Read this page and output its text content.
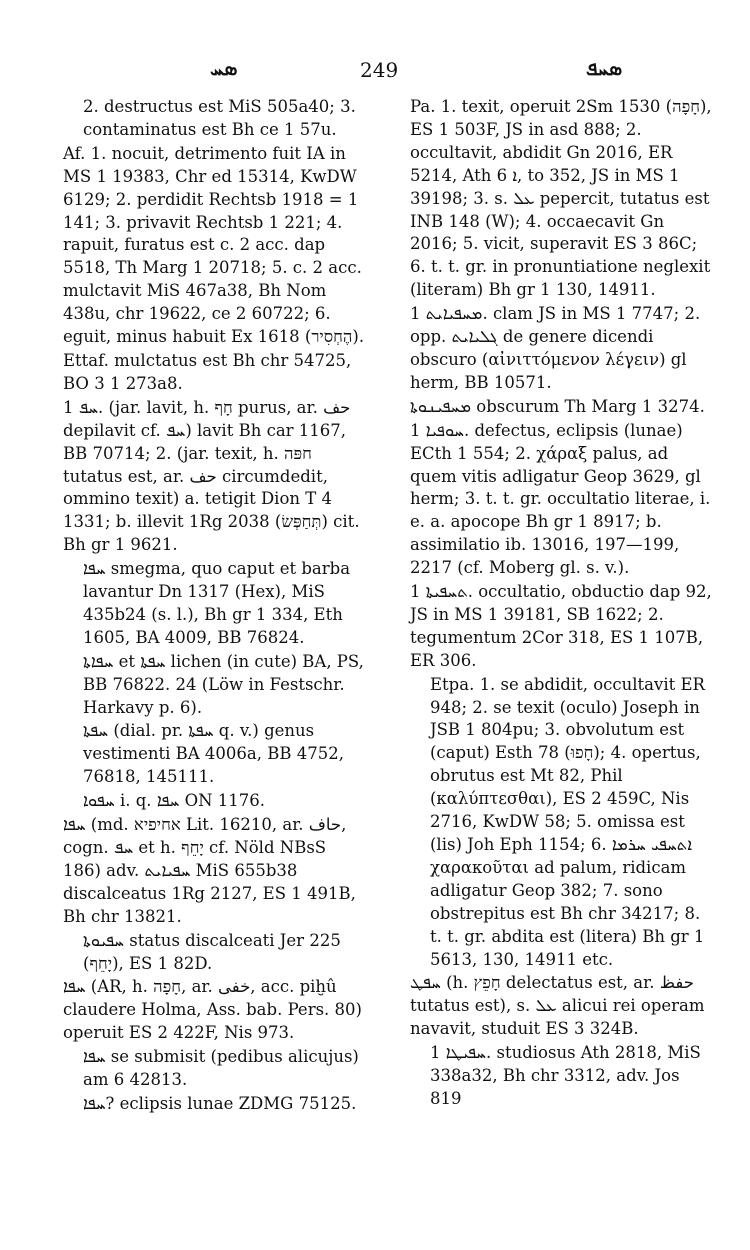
ܣܚ	249	ܣܚܦ

2. destructus est MiS 505a40; 3. contaminatus est Bh ce 1 57u.

Af. 1. nocuit, detrimento fuit IA in MS 1 19383, Chr ed 15314, KwDW 6129; 2. perdidit Rechtsb 1918 = 1 141; 3. privavit Rechtsb 1 221; 4. rapuit, furatus est c. 2 acc. dap 5518, Th Marg 1 20718; 5. c. 2 acc. mulctavit MiS 467a38, Bh Nom 438u, chr 19622, ce 2 60722; 6. eguit, minus habuit Ex 1618 (הֶחְסִיר).

Ettaf. mulctatus est Bh chr 54725, BO 3 1 273a8.

ܚܦ 1. (jar. lavit, h. חָף purus, ar. حف depilavit cf. ܚܦ) lavit Bh car 1167, BB 70714; 2. (jar. texit, h. חפּה tutatus est, ar. حف circumdedit, ommino texit) a. tetigit Dion T 4 1331; b. illevit 1Rg 2038 (תְּחַפְּשׂ) cit. Bh gr 1 9621.

ܚܦܐ smegma, quo caput et barba lavantur Dn 1317 (Hex), MiS 435b24 (s. l.), Bh gr 1 334, Eth 1605, BA 4009, BB 76824.

ܚܦܐܬܐ et ܚܦܬܐ lichen (in cute) BA, PS, BB 76822. 24 (Löw in Festschr. Harkavy p. 6).

ܚܦܬܐ (dial. pr. ܚܦܬܐ q. v.) genus vestimenti BA 4006a, BB 4752, 76818, 145111.

ܚܦܘܐ i. q. ܚܦܐ ON 1176.

ܚܦܐ (md. אחיפיא Lit. 16210, ar. حاف, cogn. ܚܦ et h. יָחֵף cf. Nöld NBsS 186) adv. ܚܦܝܐܝܬ MiS 655b38 discalceatus 1Rg 2127, ES 1 491B, Bh chr 13821.

ܚܦܝܘܬܐ status discalceati Jer 225 (יָחֵף), ES 1 82D.

ܚܦܐ (AR, h. חָפָה, ar. خفى, acc. piḫû claudere Holma, Ass. bab. Pers. 80) operuit ES 2 422F, Nis 973.

ܚܦܐ se submisit (pedibus alicujus) am 6 42813.

ܚܦܐ? eclipsis lunae ZDMG 75125.

Pa. 1. texit, operuit 2Sm 1530 (חָפָה), ES 1 503F, JS in asd 888; 2. occultavit, abdidit Gn 2016, ER 5214, Ath ܐ 6, to 352, JS in MS 1 39198; 3. s. ܥܠ pepercit, tutatus est INB 148 (W); 4. occaecavit Gn 2016; 5. vicit, superavit ES 3 86C; 6. t. t. gr. in pronuntiatione neglexit (literam) Bh gr 1 130, 14911.

ܡܚܦܝܐܝܬ 1. clam JS in MS 1 7747; 2. opp. ܓܠܝܐܝܬ de genere dicendi obscuro (αἰνιττόμενον λέγειν) gl herm, BB 10571.

ܡܚܦܝܢܘܬܐ obscurum Th Marg 1 3274.

ܚܘܦܝܐ 1. defectus, eclipsis (lunae) ECth 1 554; 2. χάραξ palus, ad quem vitis adligatur Geop 3629, gl herm; 3. t. t. gr. occultatio literae, i. e. a. apocope Bh gr 1 8917; b. assimilatio ib. 13016, 197—199, 2217 (cf. Moberg gl. s. v.).

ܬܚܦܝܬܐ 1. occultatio, obductio dap 92, JS in MS 1 39181, SB 1622; 2. tegumentum 2Cor 318, ES 1 107B, ER 306.

Etpa. 1. se abdidit, occultavit ER 948; 2. se texit (oculo) Joseph in JSB 1 804pu; 3. obvolutum est (caput) Esth 78 (חָפוּ); 4. opertus, obrutus est Mt 82, Phil (καλύπτεσθαι), ES 2 459C, Nis 2716, KwDW 58; 5. omissa est (lis) Joh Eph 1154; 6. ܐܬܚܦܝ ܚܪܡܐ χαρακοῦται ad palum, ridicam adligatur Geop 382; 7. sono obstrepitus est Bh chr 34217; 8. t. t. gr. abdita est (litera) Bh gr 1 5613, 130, 14911 etc.

ܚܦܛ (h. חָפֵץ delectatus est, ar. حفظ tutatus est), s. ܥܠ alicui rei operam navavit, studuit ES 3 324B.

ܚܦܝܛܐ 1. studiosus Ath 2818, MiS 338a32, Bh chr 3312, adv. Jos 819
